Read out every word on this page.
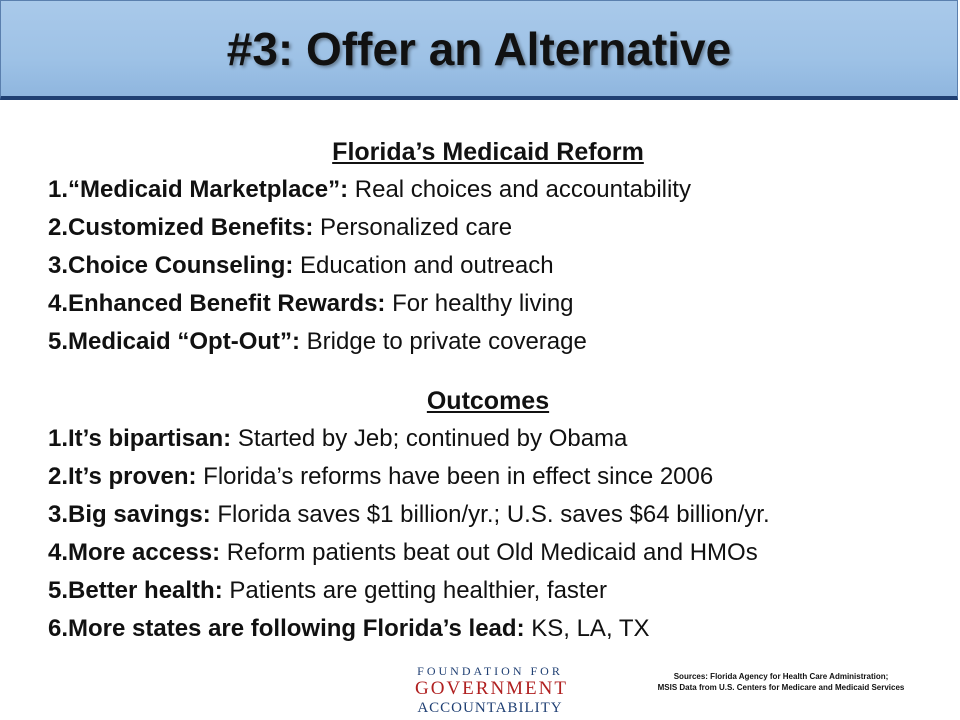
#3: Offer an Alternative
Florida’s Medicaid Reform
1.“Medicaid Marketplace”: Real choices and accountability
2.Customized Benefits: Personalized care
3.Choice Counseling: Education and outreach
4.Enhanced Benefit Rewards: For healthy living
5.Medicaid “Opt-Out”: Bridge to private coverage
Outcomes
1.It’s bipartisan: Started by Jeb; continued by Obama
2.It’s proven: Florida’s reforms have been in effect since 2006
3.Big savings: Florida saves $1 billion/yr.; U.S. saves $64 billion/yr.
4.More access: Reform patients beat out Old Medicaid and HMOs
5.Better health: Patients are getting healthier, faster
6.More states are following Florida’s lead: KS, LA, TX
FOUNDATION FOR
GOVERNMENT
ACCOUNTABILITY
Sources: Florida Agency for Health Care Administration;
MSIS Data from U.S. Centers for Medicare and Medicaid Services
